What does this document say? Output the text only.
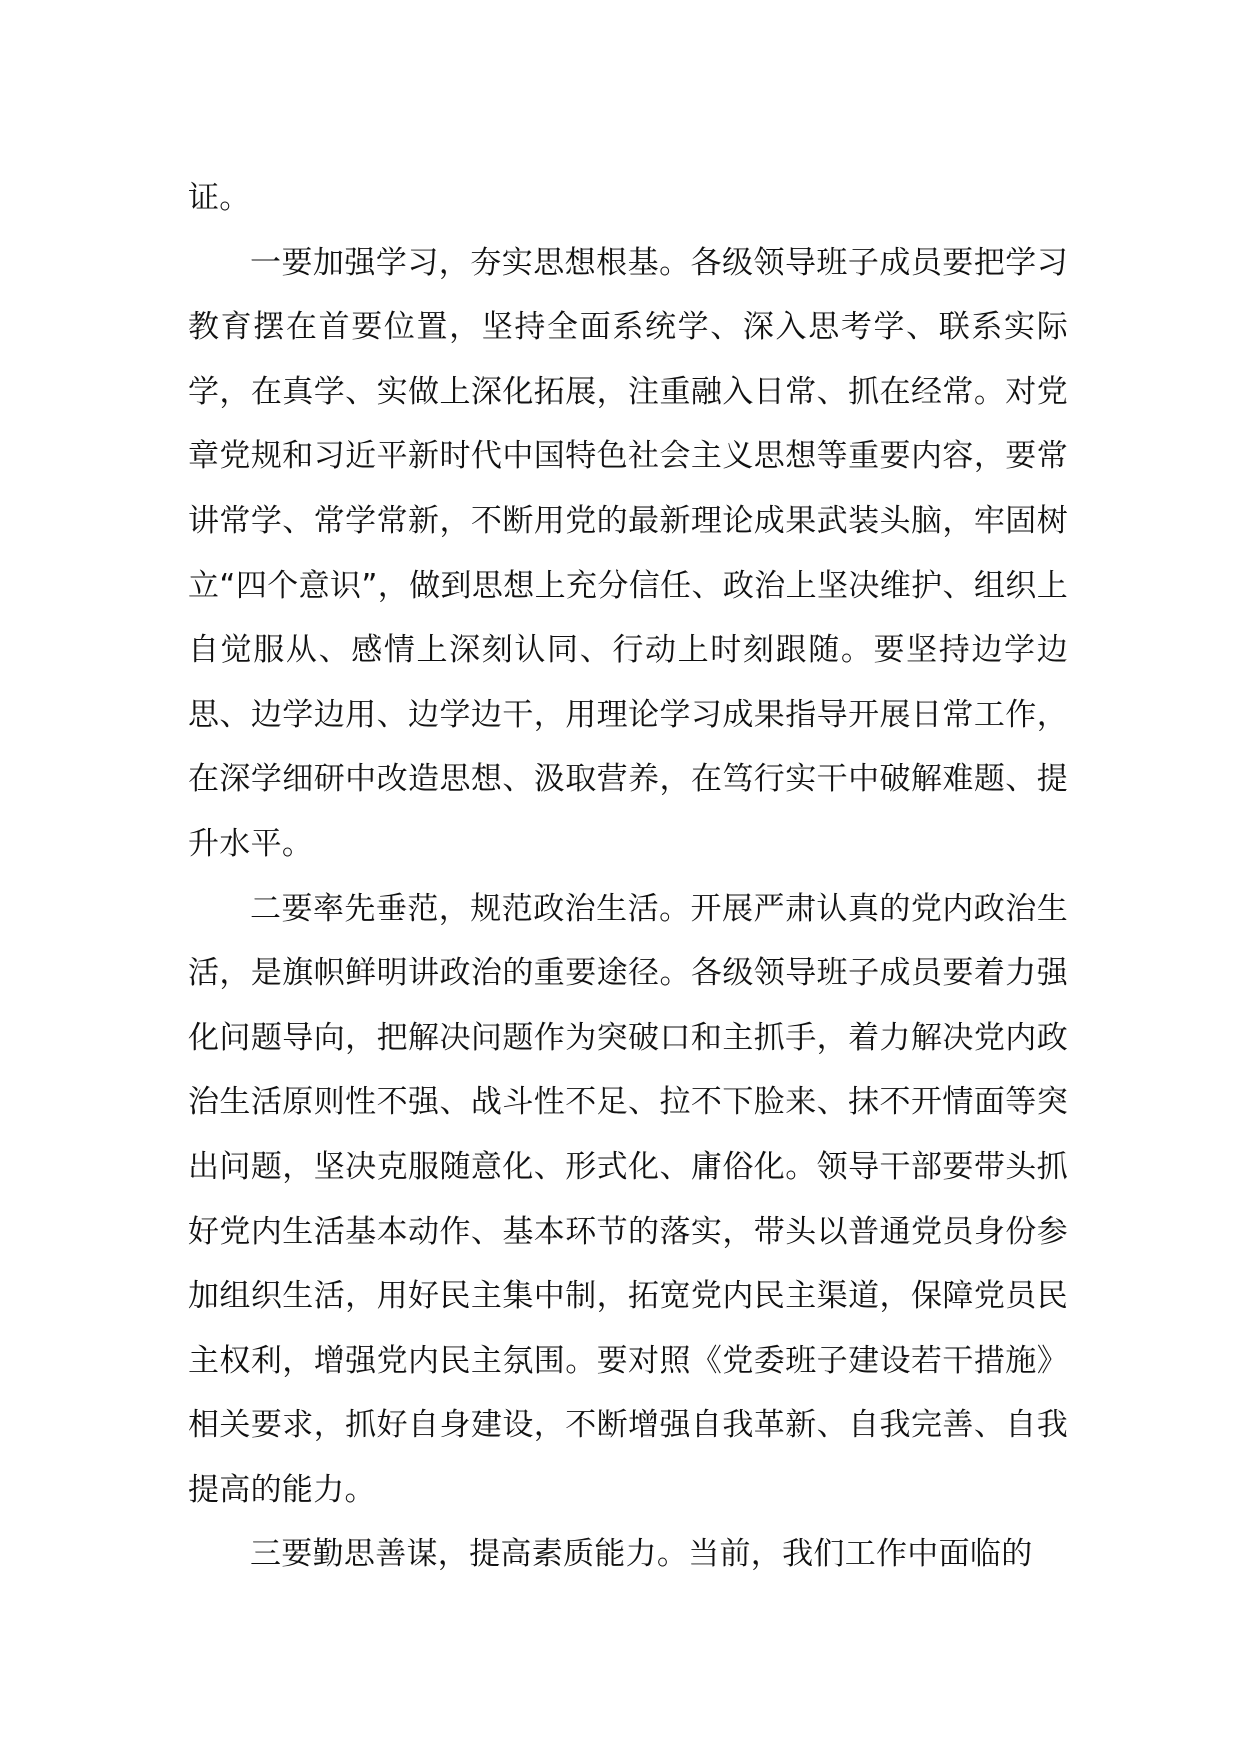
证。

一要加强学习，夯实思想根基。各级领导班子成员要把学习教育摆在首要位置，坚持全面系统学、深入思考学、联系实际学，在真学、实做上深化拓展，注重融入日常、抓在经常。对党章党规和习近平新时代中国特色社会主义思想等重要内容，要常讲常学、常学常新，不断用党的最新理论成果武装头脑，牢固树立“四个意识”，做到思想上充分信任、政治上坚决维护、组织上自觉服从、感情上深刻认同、行动上时刻跟随。要坚持边学边思、边学边用、边学边干，用理论学习成果指导开展日常工作，在深学细研中改造思想、汲取营养，在笃行实干中破解难题、提升水平。

二要率先垂范，规范政治生活。开展严肃认真的党内政治生活，是旗帜鲜明讲政治的重要途径。各级领导班子成员要着力强化问题导向，把解决问题作为突破口和主抓手，着力解决党内政治生活原则性不强、战斗性不足、拉不下脸来、抹不开情面等突出问题，坚决克服随意化、形式化、庸俗化。领导干部要带头抓好党内生活基本动作、基本环节的落实，带头以普通党员身份参加组织生活，用好民主集中制，拓宽党内民主渠道，保障党员民主权利，增强党内民主氛围。要对照《党委班子建设若干措施》相关要求，抓好自身建设，不断增强自我革新、自我完善、自我提高的能力。

三要勤思善谋，提高素质能力。当前，我们工作中面临的
